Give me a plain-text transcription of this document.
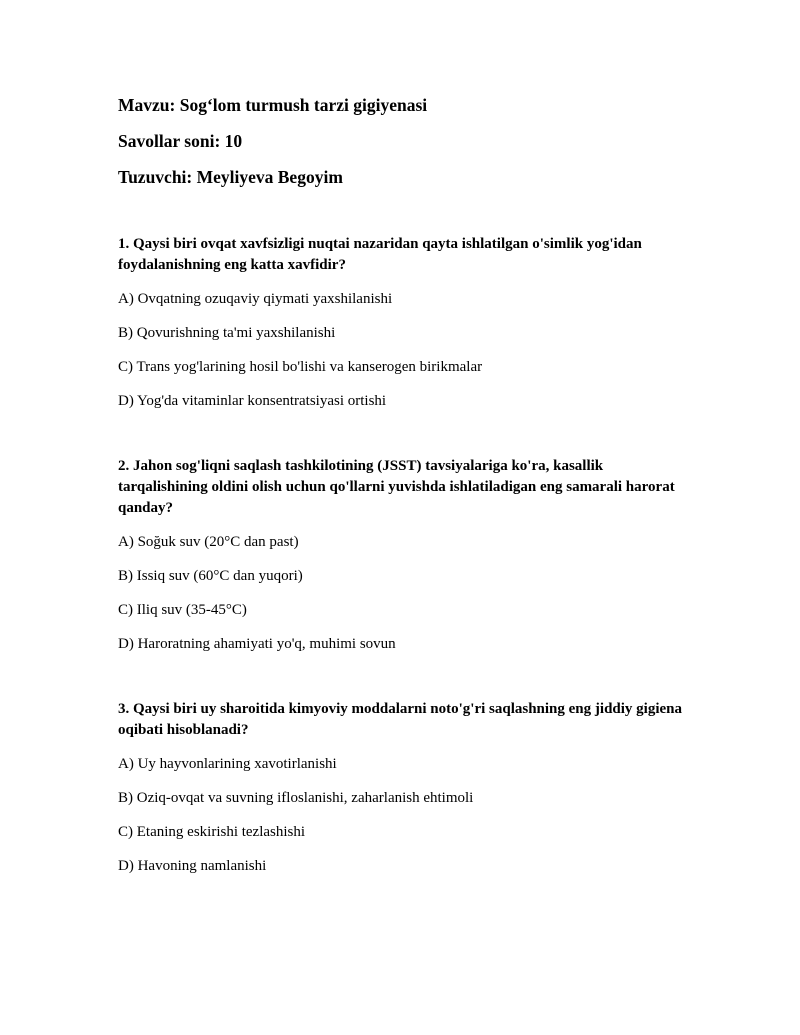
Mavzu: Sog‘lom turmush tarzi gigiyenasi

Savollar soni: 10

Tuzuvchi: Meyliyeva Begoyim

1. Qaysi biri ovqat xavfsizligi nuqtai nazaridan qayta ishlatilgan o'simlik yog'idan foydalanishning eng katta xavfidir?

A) Ovqatning ozuqaviy qiymati yaxshilanishi

B) Qovurishning ta'mi yaxshilanishi

C) Trans yog'larining hosil bo'lishi va kanserogen birikmalar

D) Yog'da vitaminlar konsentratsiyasi ortishi

2. Jahon sog'liqni saqlash tashkilotining (JSST) tavsiyalariga ko'ra, kasallik tarqalishining oldini olish uchun qo'llarni yuvishda ishlatiladigan eng samarali harorat qanday?

A) Soğuk suv (20°C dan past)

B) Issiq suv (60°C dan yuqori)

C) Iliq suv (35-45°C)

D) Haroratning ahamiyati yo'q, muhimi sovun

3. Qaysi biri uy sharoitida kimyoviy moddalarni noto'g'ri saqlashning eng jiddiy gigiena oqibati hisoblanadi?

A) Uy hayvonlarining xavotirlanishi

B) Oziq-ovqat va suvning ifloslanishi, zaharlanish ehtimoli

C) Etaning eskirishi tezlashishi

D) Havoning namlanishi
